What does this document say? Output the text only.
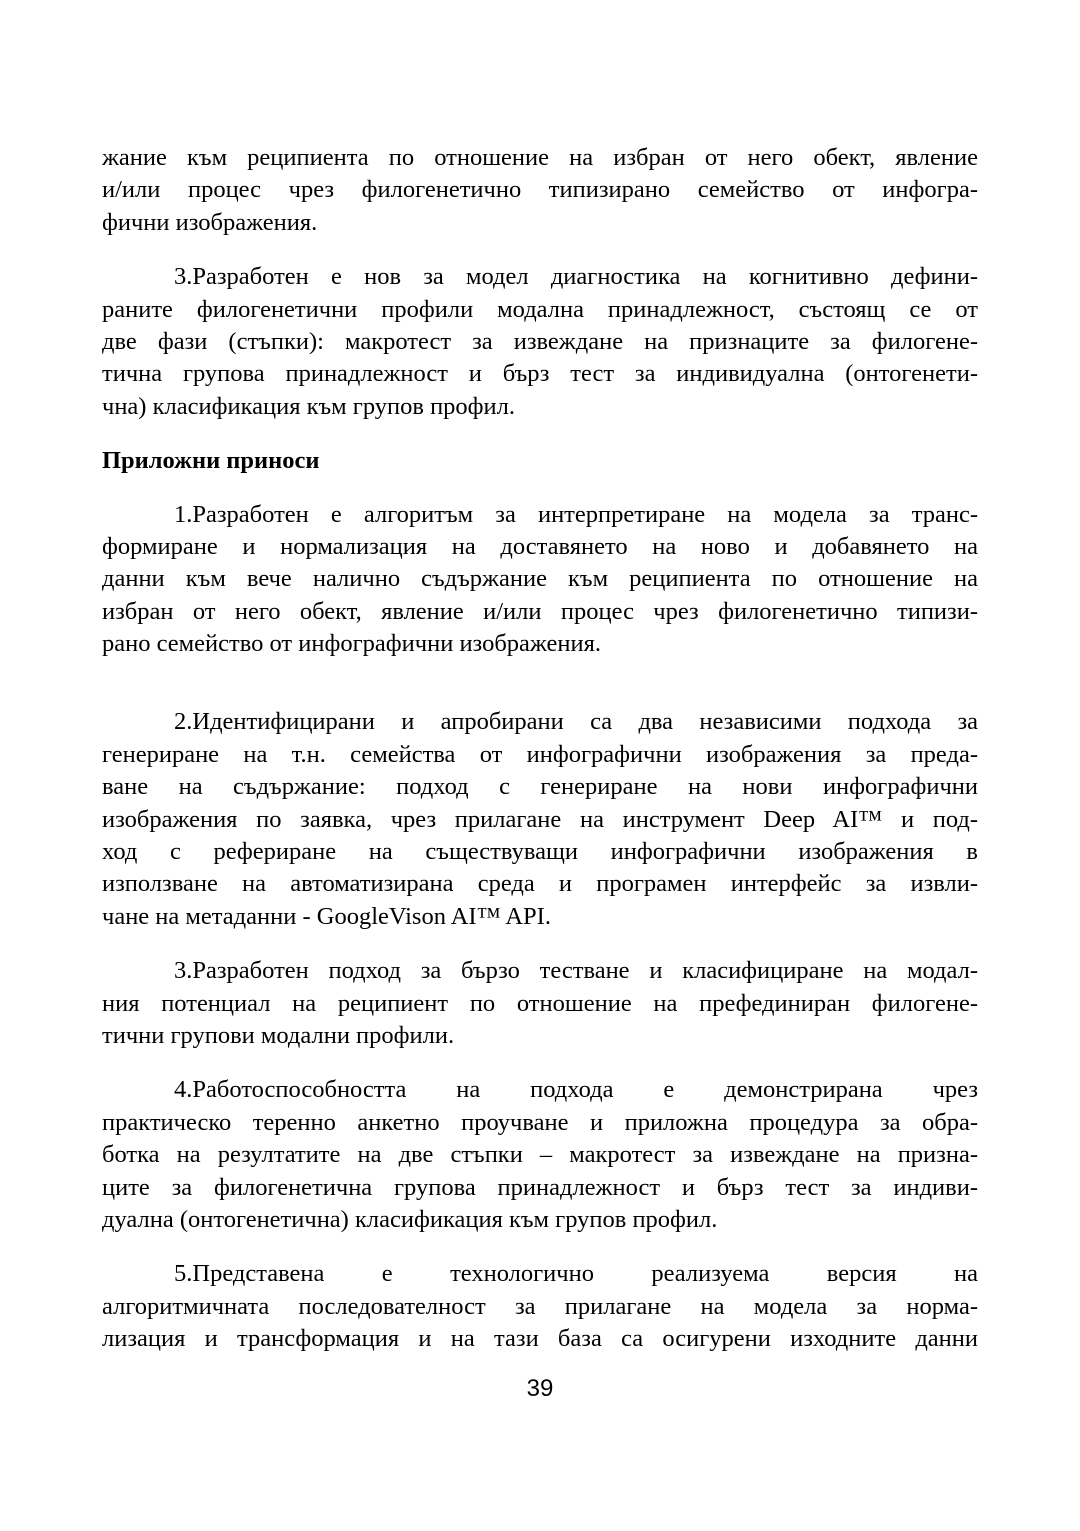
жание към реципиента по отношение на избран от него обект, явление
и/или процес чрез филогенетично типизирано семейство от инфогра-
фични изображения.
3.Разработен е нов за модел диагностика на когнитивно дефини-
раните филогенетични профили модална принадлежност, състоящ се от
две фази (стъпки): макротест за извеждане на признаците за филогене-
тична групова принадлежност и бърз тест за индивидуална (онтогенети-
чна) класификация към групов профил.
Приложни приноси
1.Разработен е алгоритъм за интерпретиране на модела за транс-
формиране и нормализация на доставянето на ново и добавянето на
данни към вече налично съдържание към реципиента по отношение на
избран от него обект, явление и/или процес чрез филогенетично типизи-
рано семейство от инфографични изображения.
2.Идентифицирани и апробирани са два независими подхода за
генериране на т.н. семейства от инфографични изображения за преда-
ване на съдържание: подход с генериране на нови инфографични
изображения по заявка, чрез прилагане на инструмент Deep AI™ и под-
ход с рефериране на съществуващи инфографични изображения в
използване на автоматизирана среда и програмен интерфейс за извли-
чане на метаданни - GoogleVison AI™ API.
3.Разработен подход за бързо тестване и класифициране на модал-
ния потенциал на реципиент по отношение на префединиран филогене-
тични групови модални профили.
4.Работоспособността на подхода е демонстрирана чрез
практическо теренно анкетно проучване и приложна процедура за обра-
ботка на резултатите на две стъпки – макротест за извеждане на призна-
ците за филогенетична групова принадлежност и бърз тест за индиви-
дуална (онтогенетична) класификация към групов профил.
5.Представена е технологично реализуема версия на
алгоритмичната последователност за прилагане на модела за норма-
лизация и трансформация и на тази база са осигурени изходните данни
39
